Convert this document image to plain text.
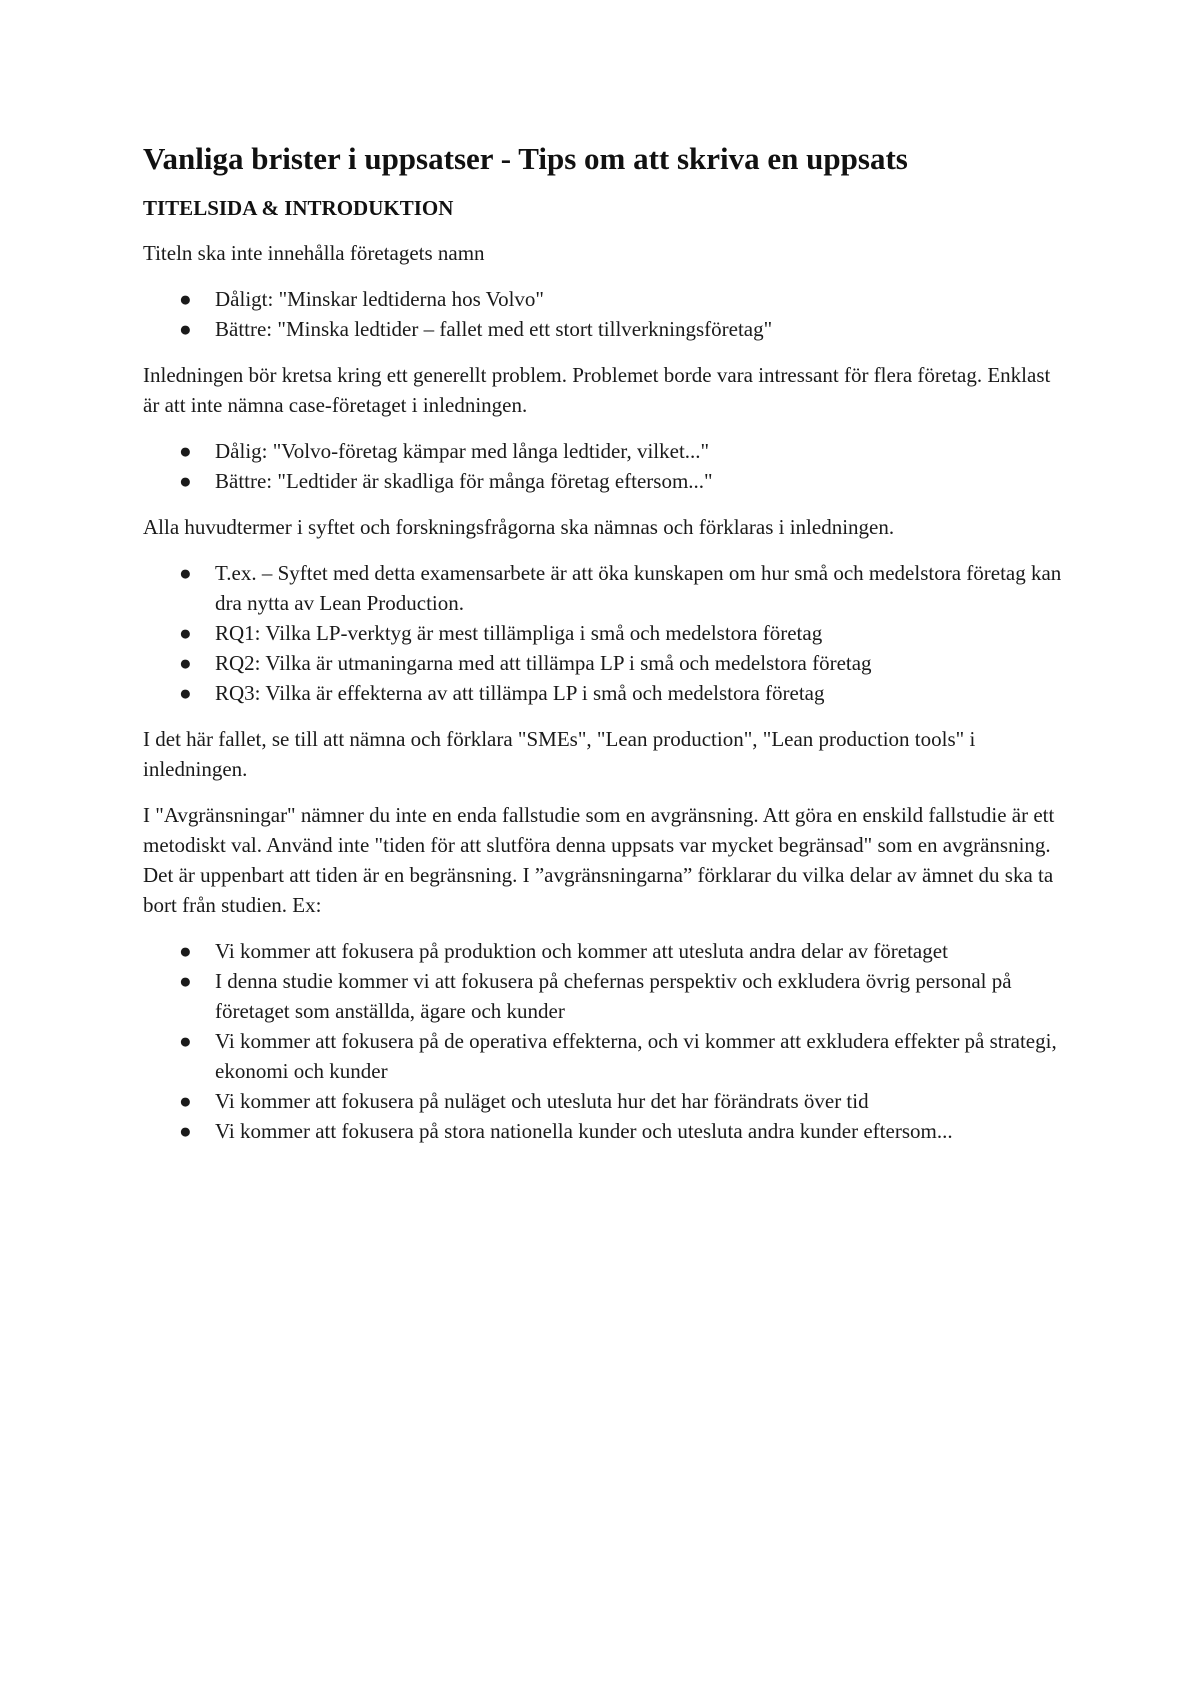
Vanliga brister i uppsatser - Tips om att skriva en uppsats
TITELSIDA & INTRODUKTION

Titeln ska inte innehålla företagets namn

● Dåligt: "Minskar ledtiderna hos Volvo"
● Bättre: "Minska ledtider – fallet med ett stort tillverkningsföretag"

Inledningen bör kretsa kring ett generellt problem. Problemet borde vara intressant för flera företag. Enklast är att inte nämna case-företaget i inledningen.

● Dålig: "Volvo-företag kämpar med långa ledtider, vilket..."
● Bättre: "Ledtider är skadliga för många företag eftersom..."

Alla huvudtermer i syftet och forskningsfrågorna ska nämnas och förklaras i inledningen.

● T.ex. – Syftet med detta examensarbete är att öka kunskapen om hur små och medelstora företag kan dra nytta av Lean Production.
● RQ1: Vilka LP-verktyg är mest tillämpliga i små och medelstora företag
● RQ2: Vilka är utmaningarna med att tillämpa LP i små och medelstora företag
● RQ3: Vilka är effekterna av att tillämpa LP i små och medelstora företag

I det här fallet, se till att nämna och förklara "SMEs", "Lean production", "Lean production tools" i inledningen.

I "Avgränsningar" nämner du inte en enda fallstudie som en avgränsning. Att göra en enskild fallstudie är ett metodiskt val. Använd inte "tiden för att slutföra denna uppsats var mycket begränsad" som en avgränsning. Det är uppenbart att tiden är en begränsning. I ”avgränsningarna” förklarar du vilka delar av ämnet du ska ta bort från studien. Ex:

● Vi kommer att fokusera på produktion och kommer att utesluta andra delar av företaget
● I denna studie kommer vi att fokusera på chefernas perspektiv och exkludera övrig personal på företaget som anställda, ägare och kunder
● Vi kommer att fokusera på de operativa effekterna, och vi kommer att exkludera effekter på strategi, ekonomi och kunder
● Vi kommer att fokusera på nuläget och utesluta hur det har förändrats över tid
● Vi kommer att fokusera på stora nationella kunder och utesluta andra kunder eftersom...
